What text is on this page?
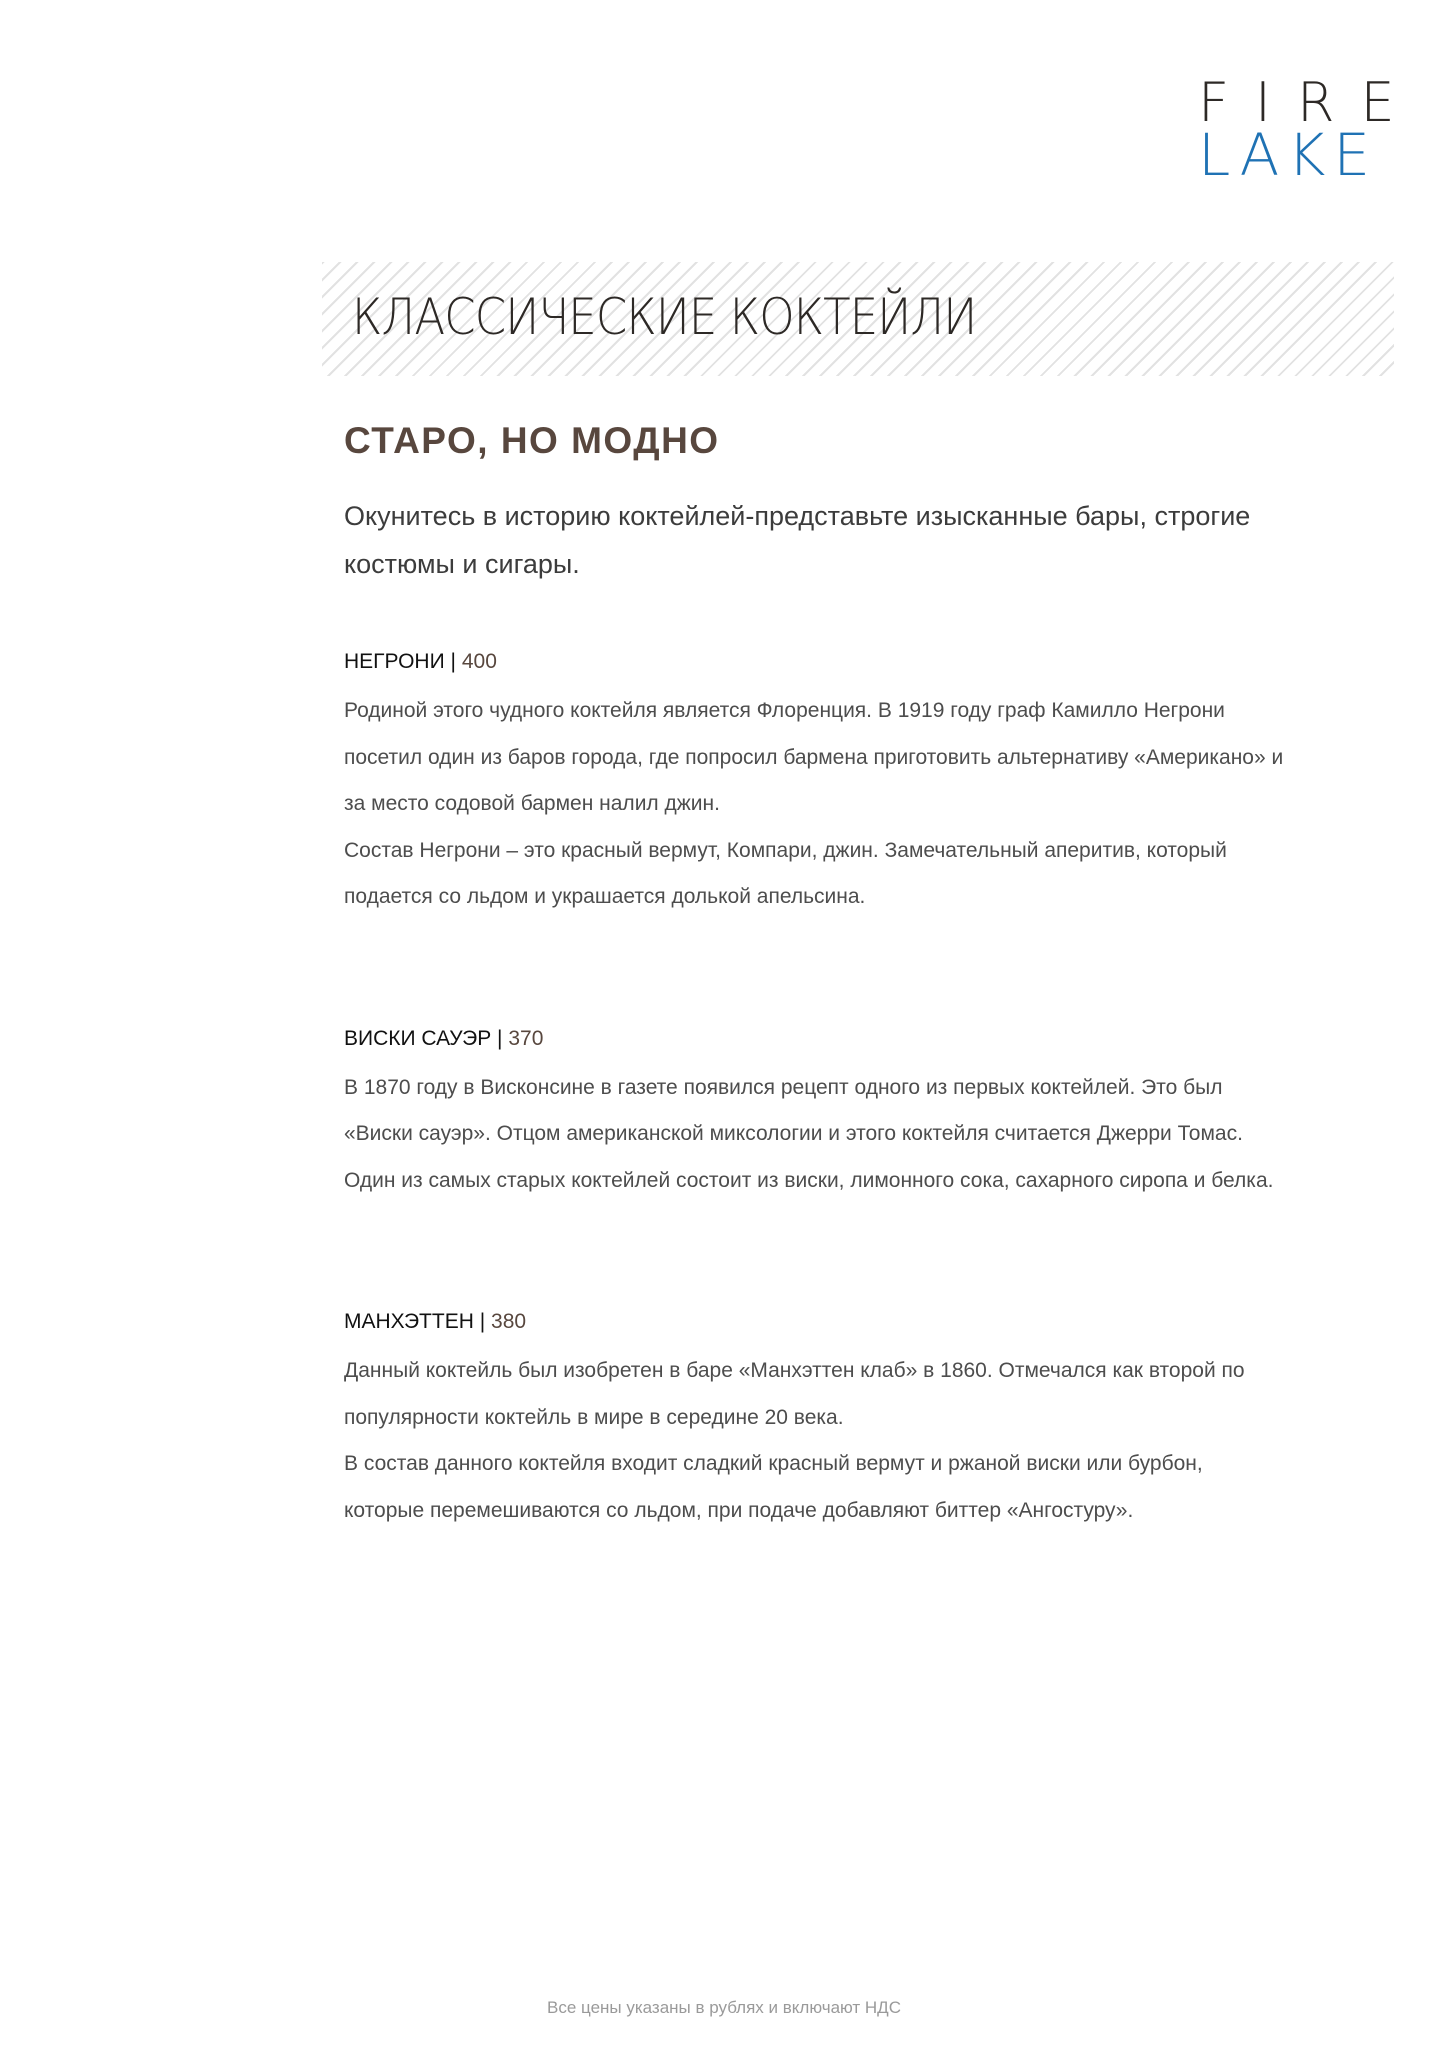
FIRE
LAKE
КЛАССИЧЕСКИЕ КОКТЕЙЛИ
СТАРО, НО МОДНО
Окунитесь в историю коктейлей-представьте изысканные бары, строгие костюмы и сигары.
НЕГРОНИ | 400
Родиной этого чудного коктейля является Флоренция. В 1919 году граф Камилло Негрони посетил один из баров города, где попросил бармена приготовить альтернативу «Американо» и за место содовой бармен налил джин.
Состав Негрони – это красный вермут, Компари, джин. Замечательный аперитив, который подается со льдом и украшается долькой апельсина.
ВИСКИ САУЭР | 370
В 1870 году в Висконсине в газете появился рецепт одного из первых коктейлей. Это был «Виски сауэр». Отцом американской миксологии и этого коктейля считается Джерри Томас. Один из самых старых коктейлей состоит из виски, лимонного сока, сахарного сиропа и белка.
МАНХЭТТЕН | 380
Данный коктейль был изобретен в баре «Манхэттен клаб» в 1860. Отмечался как второй по популярности коктейль в мире в середине 20 века.
В состав данного коктейля входит сладкий красный вермут и ржаной виски или бурбон, которые перемешиваются со льдом, при подаче добавляют биттер «Ангостуру».
Все цены указаны в рублях и включают НДС
